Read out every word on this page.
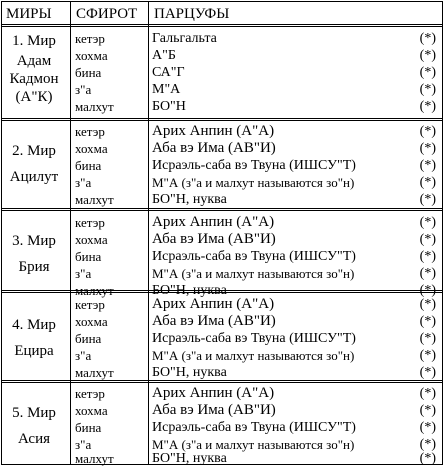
МИРЫ СФИРОТ ПАРЦУФЫ
1. Мир
Адам
Кадмон
(А"К)
кетэр	Гальгальта	(*)
хохма	А"Б	(*)
бина	СА"Г	(*)
з"а	М"А	(*)
малхут	БО"Н	(*)
2. Мир
Ацилут
кетэр	Арих Анпин (А"А)	(*)
хохма	Аба вэ Има (АВ"И)	(*)
бина	Исраэль-саба вэ Твуна (ИШСУ"Т)	(*)
з"а	М"А (з"а и малхут называются зо"н)	(*)
малхут	БО"Н, нуква	(*)
3. Мир
Брия
кетэр	Арих Анпин (А"А)	(*)
хохма	Аба вэ Има (АВ"И)	(*)
бина	Исраэль-саба вэ Твуна (ИШСУ"Т)	(*)
з"а	М"А (з"а и малхут называются зо"н)	(*)
малхут	БО"Н, нуква	(*)
4. Мир
Ецира
кетэр	Арих Анпин (А"А)	(*)
хохма	Аба вэ Има (АВ"И)	(*)
бина	Исраэль-саба вэ Твуна (ИШСУ"Т)	(*)
з"а	М"А (з"а и малхут называются зо"н)	(*)
малхут	БО"Н, нуква	(*)
5. Мир
Асия
кетэр	Арих Анпин (А"А)	(*)
хохма	Аба вэ Има (АВ"И)	(*)
бина	Исраэль-саба вэ Твуна (ИШСУ"Т)	(*)
з"а	М"А (з"а и малхут называются зо"н)	(*)
малхут	БО"Н, нуква	(*)
